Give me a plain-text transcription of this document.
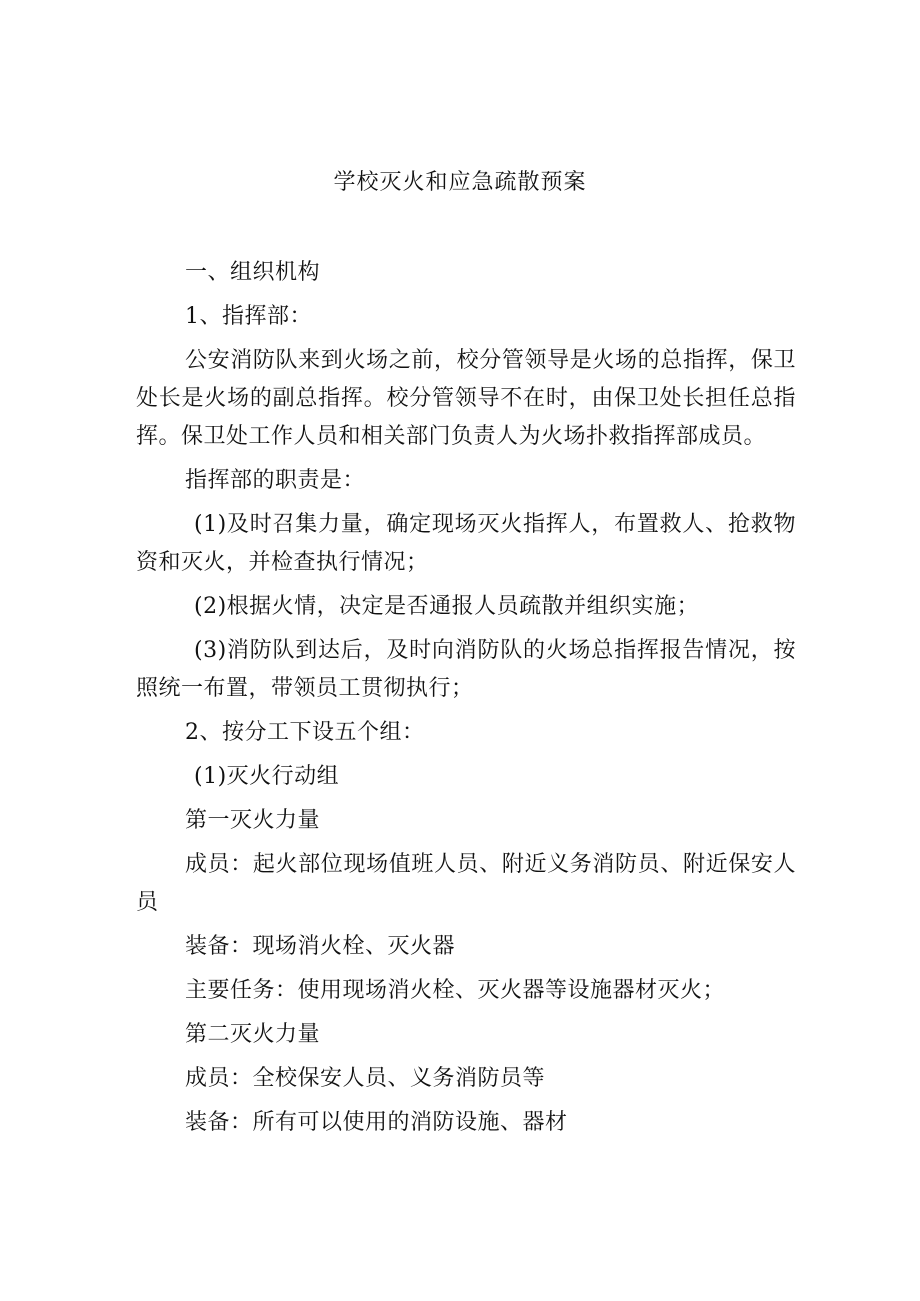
学校灭火和应急疏散预案

一、组织机构

1、指挥部：

公安消防队来到火场之前，校分管领导是火场的总指挥，保卫处长是火场的副总指挥。校分管领导不在时，由保卫处长担任总指挥。保卫处工作人员和相关部门负责人为火场扑救指挥部成员。

指挥部的职责是：

(1)及时召集力量，确定现场灭火指挥人，布置救人、抢救物资和灭火，并检查执行情况；

(2)根据火情，决定是否通报人员疏散并组织实施；

(3)消防队到达后，及时向消防队的火场总指挥报告情况，按照统一布置，带领员工贯彻执行；

2、按分工下设五个组：

(1)灭火行动组

第一灭火力量

成员：起火部位现场值班人员、附近义务消防员、附近保安人员

装备：现场消火栓、灭火器

主要任务：使用现场消火栓、灭火器等设施器材灭火；

第二灭火力量

成员：全校保安人员、义务消防员等

装备：所有可以使用的消防设施、器材
